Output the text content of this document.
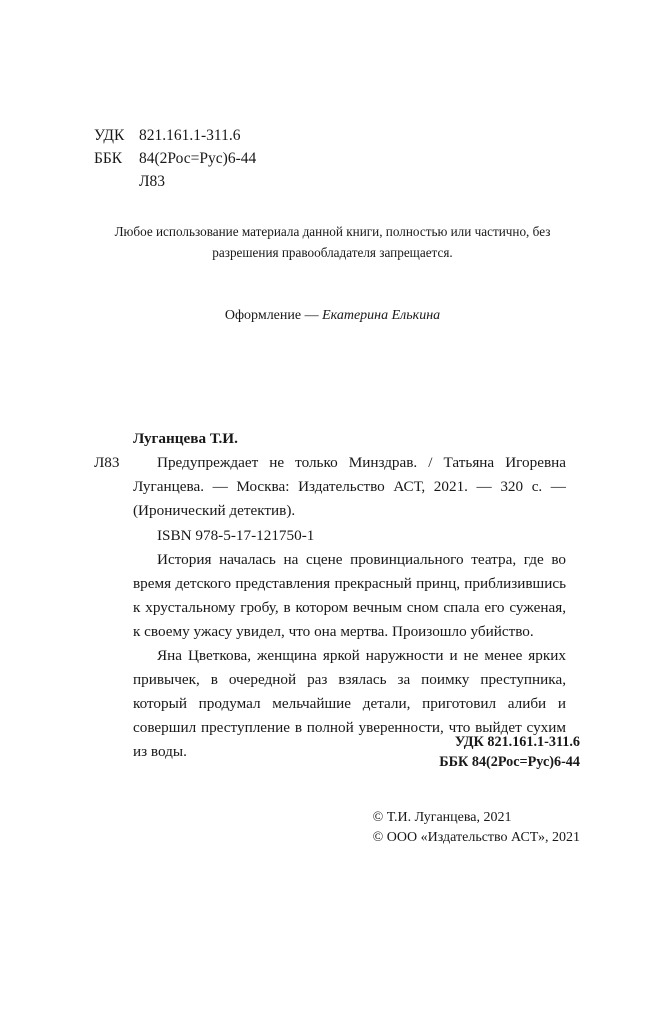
УДК 821.161.1-311.6
ББК 84(2Рос=Рус)6-44
Л83
Любое использование материала данной книги, полностью или частично, без разрешения правообладателя запрещается.
Оформление — Екатерина Елькина
Луганцева Т.И.
Л83	Предупреждает не только Минздрав. / Татьяна Игоревна Луганцева. — Москва: Издательство АСТ, 2021. — 320 с. — (Иронический детектив).
ISBN 978-5-17-121750-1

История началась на сцене провинциального театра, где во время детского представления прекрасный принц, приблизившись к хрустальному гробу, в котором вечным сном спала его суженая, к своему ужасу увидел, что она мертва. Произошло убийство.

Яна Цветкова, женщина яркой наружности и не менее ярких привычек, в очередной раз взялась за поимку преступника, который продумал мельчайшие детали, приготовил алиби и совершил преступление в полной уверенности, что выйдет сухим из воды.

УДК 821.161.1-311.6
ББК 84(2Рос=Рус)6-44
© Т.И. Луганцева, 2021
© ООО «Издательство АСТ», 2021
